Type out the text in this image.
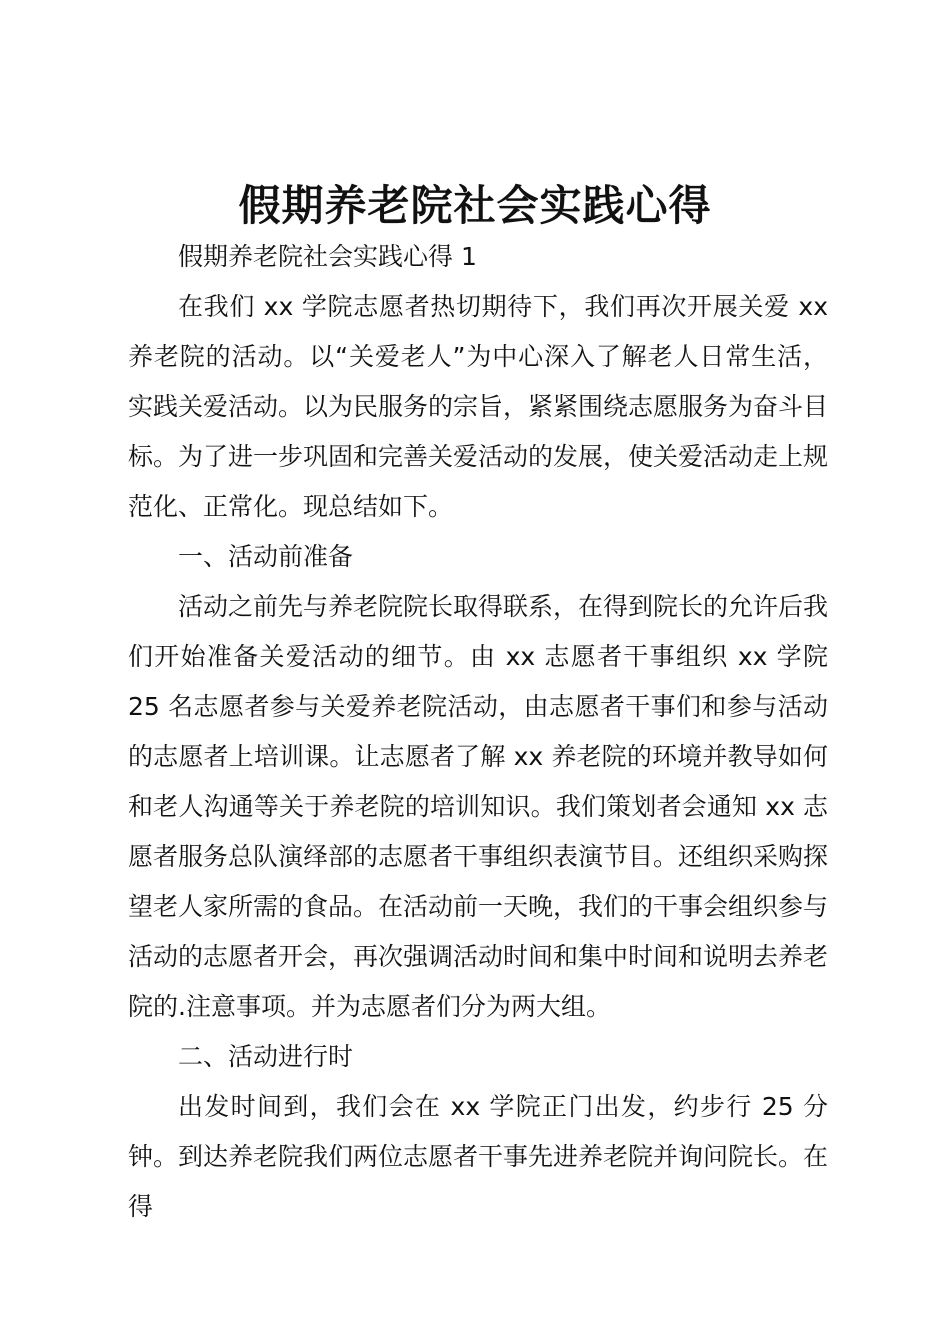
假期养老院社会实践心得

假期养老院社会实践心得 1

在我们 xx 学院志愿者热切期待下，我们再次开展关爱 xx 养老院的活动。以“关爱老人”为中心深入了解老人日常生活，实践关爱活动。以为民服务的宗旨，紧紧围绕志愿服务为奋斗目标。为了进一步巩固和完善关爱活动的发展，使关爱活动走上规范化、正常化。现总结如下。

一、活动前准备

活动之前先与养老院院长取得联系，在得到院长的允许后我们开始准备关爱活动的细节。由 xx 志愿者干事组织 xx 学院 25 名志愿者参与关爱养老院活动，由志愿者干事们和参与活动的志愿者上培训课。让志愿者了解 xx 养老院的环境并教导如何和老人沟通等关于养老院的培训知识。我们策划者会通知 xx 志愿者服务总队演绎部的志愿者干事组织表演节目。还组织采购探望老人家所需的食品。在活动前一天晚，我们的干事会组织参与活动的志愿者开会，再次强调活动时间和集中时间和说明去养老院的.注意事项。并为志愿者们分为两大组。

二、活动进行时

出发时间到，我们会在 xx 学院正门出发，约步行 25 分钟。到达养老院我们两位志愿者干事先进养老院并询问院长。在得
